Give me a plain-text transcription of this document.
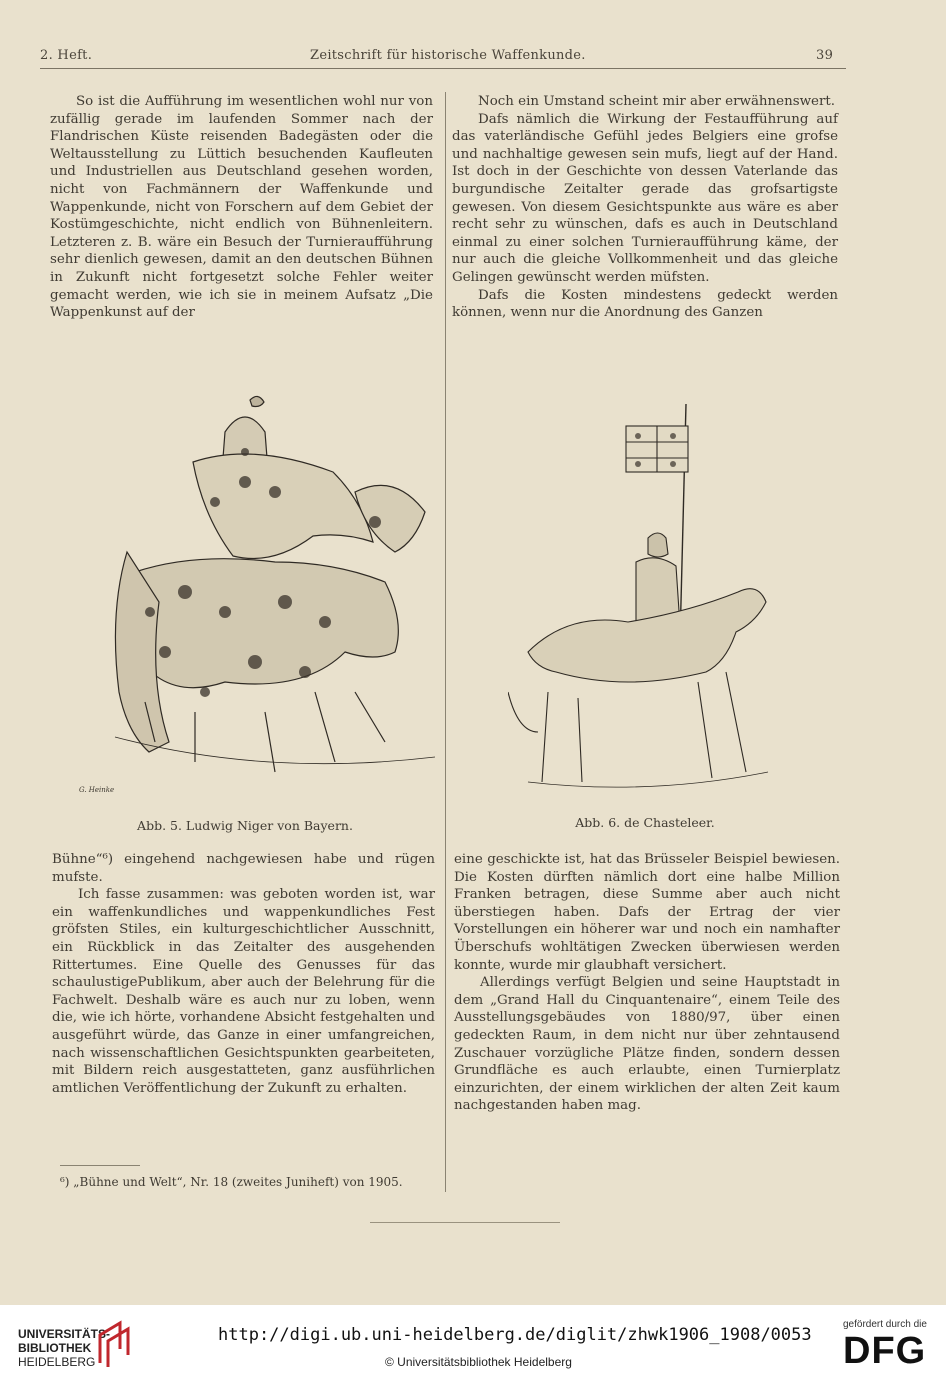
2. Heft.	Zeitschrift für historische Waffenkunde.	39

So ist die Aufführung im wesentlichen wohl nur von zufällig gerade im laufenden Sommer nach der Flandrischen Küste reisenden Badegästen oder die Weltausstellung zu Lüttich besuchenden Kaufleuten und Industriellen aus Deutschland gesehen worden, nicht von Fachmännern der Waffenkunde und Wappenkunde, nicht von Forschern auf dem Gebiet der Kostümgeschichte, nicht endlich von Bühnenleitern. Letzteren z. B. wäre ein Besuch der Turnieraufführung sehr dienlich gewesen, damit an den deutschen Bühnen in Zukunft nicht fortgesetzt solche Fehler weiter gemacht werden, wie ich sie in meinem Aufsatz „Die Wappenkunst auf der

Noch ein Umstand scheint mir aber erwähnenswert.

Dafs nämlich die Wirkung der Festaufführung auf das vaterländische Gefühl jedes Belgiers eine grofse und nachhaltige gewesen sein mufs, liegt auf der Hand. Ist doch in der Geschichte von dessen Vaterlande das burgundische Zeitalter gerade das grofsartigste gewesen. Von diesem Gesichtspunkte aus wäre es aber recht sehr zu wünschen, dafs es auch in Deutschland einmal zu einer solchen Turnieraufführung käme, der nur auch die gleiche Vollkommenheit und das gleiche Gelingen gewünscht werden müfsten.

Dafs die Kosten mindestens gedeckt werden können, wenn nur die Anordnung des Ganzen

G. Heinke
Abb. 5. Ludwig Niger von Bayern.	Abb. 6. de Chasteleer.

Bühne“⁶) eingehend nachgewiesen habe und rügen mufste.

Ich fasse zusammen: was geboten worden ist, war ein waffenkundliches und wappenkundliches Fest gröfsten Stiles, ein kulturgeschichtlicher Ausschnitt, ein Rückblick in das Zeitalter des ausgehenden Rittertumes. Eine Quelle des Genusses für das schaulustigePublikum, aber auch der Belehrung für die Fachwelt. Deshalb wäre es auch nur zu loben, wenn die, wie ich hörte, vorhandene Absicht festgehalten und ausgeführt würde, das Ganze in einer umfangreichen, nach wissenschaftlichen Gesichtspunkten gearbeiteten, mit Bildern reich ausgestatteten, ganz ausführlichen amtlichen Veröffentlichung der Zukunft zu erhalten.

eine geschickte ist, hat das Brüsseler Beispiel bewiesen. Die Kosten dürften nämlich dort eine halbe Million Franken betragen, diese Summe aber auch nicht überstiegen haben. Dafs der Ertrag der vier Vorstellungen ein höherer war und noch ein namhafter Überschufs wohltätigen Zwecken überwiesen werden konnte, wurde mir glaubhaft versichert.

Allerdings verfügt Belgien und seine Hauptstadt in dem „Grand Hall du Cinquantenaire“, einem Teile des Ausstellungsgebäudes von 1880/97, über einen gedeckten Raum, in dem nicht nur über zehntausend Zuschauer vorzügliche Plätze finden, sondern dessen Grundfläche es auch erlaubte, einen Turnierplatz einzurichten, der einem wirklichen der alten Zeit kaum nachgestanden haben mag.

⁶) „Bühne und Welt“, Nr. 18 (zweites Juniheft) von 1905.
UNIVERSITÄTS-
BIBLIOTHEK
HEIDELBERG
http://digi.ub.uni-heidelberg.de/diglit/zhwk1906_1908/0053
© Universitätsbibliothek Heidelberg
gefördert durch die
DFG
